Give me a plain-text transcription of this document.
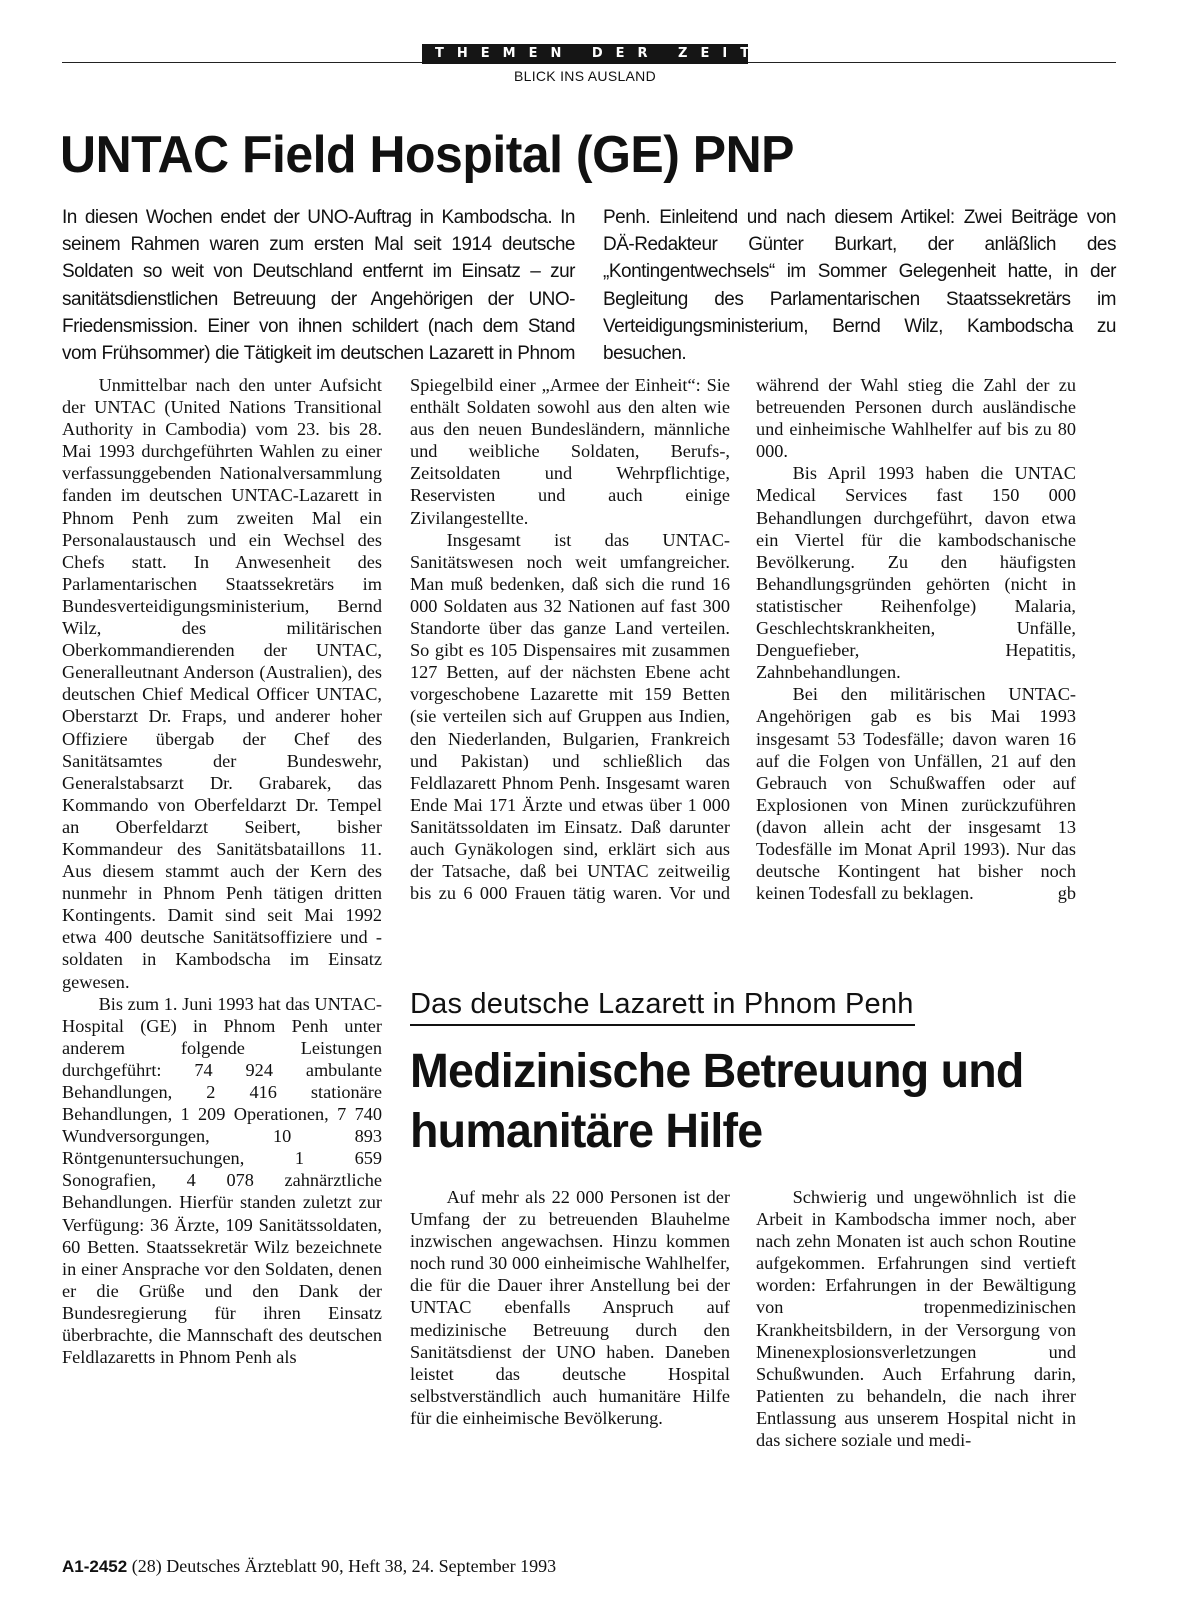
THEMEN DER ZEIT
BLICK INS AUSLAND
UNTAC Field Hospital (GE) PNP
In diesen Wochen endet der UNO-Auftrag in Kambodscha. In seinem Rahmen waren zum ersten Mal seit 1914 deutsche Soldaten so weit von Deutschland entfernt im Einsatz – zur sanitätsdienstlichen Betreuung der Angehörigen der UNO-Friedensmission. Einer von ihnen schildert (nach dem Stand vom Frühsommer) die Tätigkeit im deutschen Lazarett in Phnom Penh. Einleitend und nach diesem Artikel: Zwei Beiträge von DÄ-Redakteur Günter Burkart, der anläßlich des „Kontingentwechsels“ im Sommer Gelegenheit hatte, in der Begleitung des Parlamentarischen Staatssekretärs im Verteidigungsministerium, Bernd Wilz, Kambodscha zu besuchen.

Unmittelbar nach den unter Aufsicht der UNTAC (United Nations Transitional Authority in Cambodia) vom 23. bis 28. Mai 1993 durchgeführten Wahlen zu einer verfassunggebenden Nationalversammlung fanden im deutschen UNTAC-Lazarett in Phnom Penh zum zweiten Mal ein Personalaustausch und ein Wechsel des Chefs statt. In Anwesenheit des Parlamentarischen Staatssekretärs im Bundesverteidigungsministerium, Bernd Wilz, des militärischen Oberkommandierenden der UNTAC, Generalleutnant Anderson (Australien), des deutschen Chief Medical Officer UNTAC, Oberstarzt Dr. Fraps, und anderer hoher Offiziere übergab der Chef des Sanitätsamtes der Bundeswehr, Generalstabsarzt Dr. Grabarek, das Kommando von Oberfeldarzt Dr. Tempel an Oberfeldarzt Seibert, bisher Kommandeur des Sanitätsbataillons 11. Aus diesem stammt auch der Kern des nunmehr in Phnom Penh tätigen dritten Kontingents. Damit sind seit Mai 1992 etwa 400 deutsche Sanitätsoffiziere und -soldaten in Kambodscha im Einsatz gewesen.

Bis zum 1. Juni 1993 hat das UNTAC-Hospital (GE) in Phnom Penh unter anderem folgende Leistungen durchgeführt: 74 924 ambulante Behandlungen, 2 416 stationäre Behandlungen, 1 209 Operationen, 7 740 Wundversorgungen, 10 893 Röntgenuntersuchungen, 1 659 Sonografien, 4 078 zahnärztliche Behandlungen. Hierfür standen zuletzt zur Verfügung: 36 Ärzte, 109 Sanitätssoldaten, 60 Betten. Staatssekretär Wilz bezeichnete in einer Ansprache vor den Soldaten, denen er die Grüße und den Dank der Bundesregierung für ihren Einsatz überbrachte, die Mannschaft des deutschen Feldlazaretts in Phnom Penh als

Spiegelbild einer „Armee der Einheit“: Sie enthält Soldaten sowohl aus den alten wie aus den neuen Bundesländern, männliche und weibliche Soldaten, Berufs-, Zeitsoldaten und Wehrpflichtige, Reservisten und auch einige Zivilangestellte.

Insgesamt ist das UNTAC-Sanitätswesen noch weit umfangreicher. Man muß bedenken, daß sich die rund 16 000 Soldaten aus 32 Nationen auf fast 300 Standorte über das ganze Land verteilen. So gibt es 105 Dispensaires mit zusammen 127 Betten, auf der nächsten Ebene acht vorgeschobene Lazarette mit 159 Betten (sie verteilen sich auf Gruppen aus Indien, den Niederlanden, Bulgarien, Frankreich und Pakistan) und schließlich das Feldlazarett Phnom Penh. Insgesamt waren Ende Mai 171 Ärzte und etwas über 1 000 Sanitätssoldaten im Einsatz. Daß darunter auch Gynäkologen sind, erklärt sich aus der Tatsache, daß bei UNTAC zeitweilig bis zu 6 000 Frauen tätig waren. Vor und während der Wahl stieg die Zahl der zu betreuenden Personen durch ausländische und einheimische Wahlhelfer auf bis zu 80 000.

Bis April 1993 haben die UNTAC Medical Services fast 150 000 Behandlungen durchgeführt, davon etwa ein Viertel für die kambodschanische Bevölkerung. Zu den häufigsten Behandlungsgründen gehörten (nicht in statistischer Reihenfolge) Malaria, Geschlechtskrankheiten, Unfälle, Denguefieber, Hepatitis, Zahnbehandlungen.

Bei den militärischen UNTAC-Angehörigen gab es bis Mai 1993 insgesamt 53 Todesfälle; davon waren 16 auf die Folgen von Unfällen, 21 auf den Gebrauch von Schußwaffen oder auf Explosionen von Minen zurückzuführen (davon allein acht der insgesamt 13 Todesfälle im Monat April 1993). Nur das deutsche Kontingent hat bisher noch keinen Todesfall zu beklagen.	gb

Das deutsche Lazarett in Phnom Penh
Medizinische Betreuung und humanitäre Hilfe

Auf mehr als 22 000 Personen ist der Umfang der zu betreuenden Blauhelme inzwischen angewachsen. Hinzu kommen noch rund 30 000 einheimische Wahlhelfer, die für die Dauer ihrer Anstellung bei der UNTAC ebenfalls Anspruch auf medizinische Betreuung durch den Sanitätsdienst der UNO haben. Daneben leistet das deutsche Hospital selbstverständlich auch humanitäre Hilfe für die einheimische Bevölkerung.

Schwierig und ungewöhnlich ist die Arbeit in Kambodscha immer noch, aber nach zehn Monaten ist auch schon Routine aufgekommen. Erfahrungen sind vertieft worden: Erfahrungen in der Bewältigung von tropenmedizinischen Krankheitsbildern, in der Versorgung von Minenexplosionsverletzungen und Schußwunden. Auch Erfahrung darin, Patienten zu behandeln, die nach ihrer Entlassung aus unserem Hospital nicht in das sichere soziale und medi-

A1-2452 (28) Deutsches Ärzteblatt 90, Heft 38, 24. September 1993
